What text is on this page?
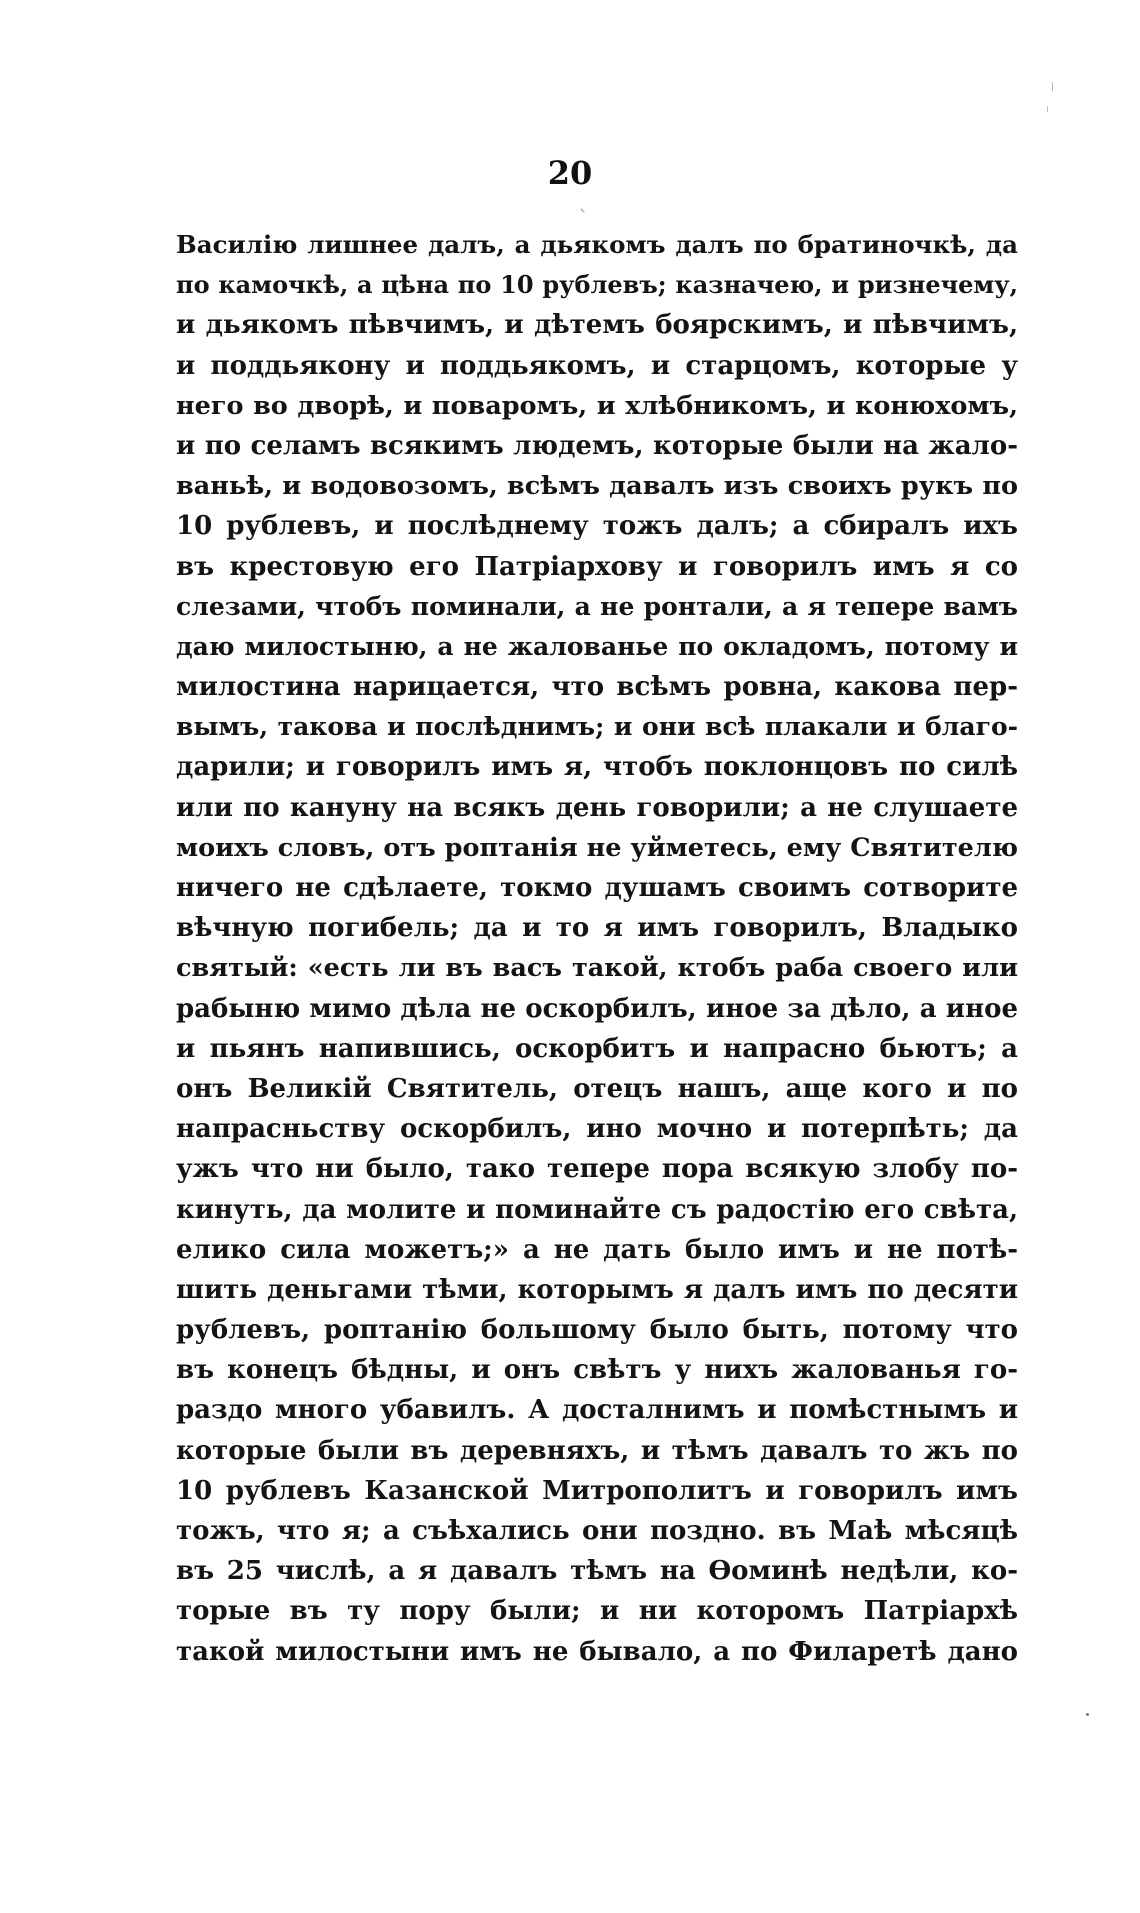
20
Василію лишнее далъ, а дьякомъ далъ по братиночкѣ, да
по камочкѣ, а цѣна по 10 рублевъ; казначею, и ризнечему,
и дьякомъ пѣвчимъ, и дѣтемъ боярскимъ, и пѣвчимъ,
и поддьякону и поддьякомъ, и старцомъ, которые у
него во дворѣ, и поваромъ, и хлѣбникомъ, и конюхомъ,
и по селамъ всякимъ людемъ, которые были на жало-
ваньѣ, и водовозомъ, всѣмъ давалъ изъ своихъ рукъ по
10 рублевъ, и послѣднему тожъ далъ; а сбиралъ ихъ
въ крестовую его Патріархову и говорилъ имъ я со
слезами, чтобъ поминали, а не ронтали, а я тепере вамъ
даю милостыню, а не жалованье по окладомъ, потому и
милостина нарицается, что всѣмъ ровна, какова пер-
вымъ, такова и послѣднимъ; и они всѣ плакали и благо-
дарили; и говорилъ имъ я, чтобъ поклонцовъ по силѣ
или по кануну на всякъ день говорили; а не слушаете
моихъ словъ, отъ роптанія не уйметесь, ему Святителю
ничего не сдѣлаете, токмо душамъ своимъ сотворите
вѣчную погибель; да и то я имъ говорилъ, Владыко
святый: «есть ли въ васъ такой, ктобъ раба своего или
рабыню мимо дѣла не оскорбилъ, иное за дѣло, а иное
и пьянъ напившись, оскорбитъ и напрасно бьютъ; а
онъ Великій Святитель, отецъ нашъ, аще кого и по
напрасньству оскорбилъ, ино мочно и потерпѣть; да
ужъ что ни было, тако тепере пора всякую злобу по-
кинуть, да молите и поминайте съ радостію его свѣта,
елико сила можетъ;» а не дать было имъ и не потѣ-
шить деньгами тѣми, которымъ я далъ имъ по десяти
рублевъ, роптанію большому было быть, потому что
въ конецъ бѣдны, и онъ свѣтъ у нихъ жалованья го-
раздо много убавилъ. А досталнимъ и помѣстнымъ и
которые были въ деревняхъ, и тѣмъ давалъ то жъ по
10 рублевъ Казанской Митрополитъ и говорилъ имъ
тожъ, что я; а съѣхались они поздно. въ Маѣ мѣсяцѣ
въ 25 числѣ, а я давалъ тѣмъ на Ѳоминѣ недѣли, ко-
торые въ ту пору были; и ни которомъ Патріархѣ
такой милостыни имъ не бывало, а по Филаретѣ дано
